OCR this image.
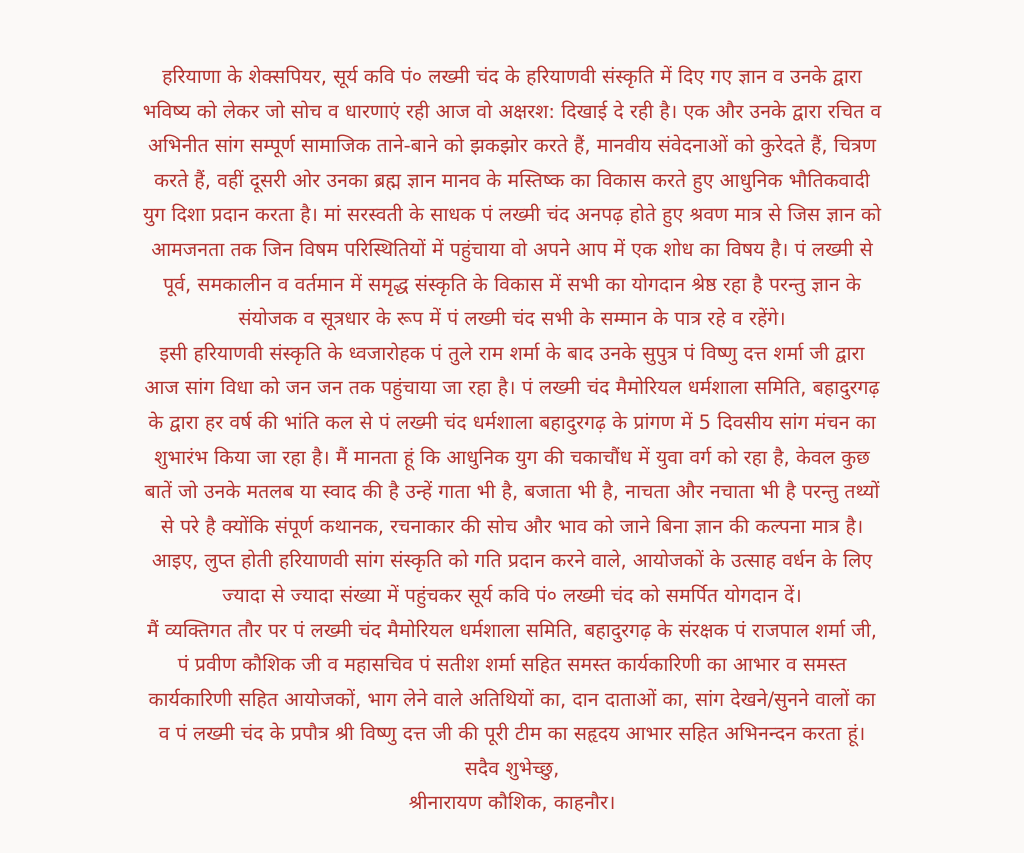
हरियाणा के शेक्सपियर, सूर्य कवि पं० लख्मी चंद के हरियाणवी संस्कृति में दिए गए ज्ञान व उनके द्वारा
भविष्य को लेकर जो सोच व धारणाएं रही आज वो अक्षरश: दिखाई दे रही है। एक और उनके द्वारा रचित व
अभिनीत सांग सम्पूर्ण सामाजिक ताने-बाने को झकझोर करते हैं, मानवीय संवेदनाओं को कुरेदते हैं, चित्रण
करते हैं, वहीं दूसरी ओर उनका ब्रह्म ज्ञान मानव के मस्तिष्क का विकास करते हुए आधुनिक भौतिकवादी
युग दिशा प्रदान करता है। मां सरस्वती के साधक पं लख्मी चंद अनपढ़ होते हुए श्रवण मात्र से जिस ज्ञान को
आमजनता तक जिन विषम परिस्थितियों में पहुंचाया वो अपने आप में एक शोध का विषय है। पं लख्मी से
पूर्व, समकालीन व वर्तमान में समृद्ध संस्कृति के विकास में सभी का योगदान श्रेष्ठ रहा है परन्तु ज्ञान के
संयोजक व सूत्रधार के रूप में पं लख्मी चंद सभी के सम्मान के पात्र रहे व रहेंगे।
इसी हरियाणवी संस्कृति के ध्वजारोहक पं तुले राम शर्मा के बाद उनके सुपुत्र पं विष्णु दत्त शर्मा जी द्वारा
आज सांग विधा को जन जन तक पहुंचाया जा रहा है। पं लख्मी चंद मैमोरियल धर्मशाला समिति, बहादुरगढ़
के द्वारा हर वर्ष की भांति कल से पं लख्मी चंद धर्मशाला बहादुरगढ़ के प्रांगण में 5 दिवसीय सांग मंचन का
शुभारंभ किया जा रहा है। मैं मानता हूं कि आधुनिक युग की चकाचौंध में युवा वर्ग को रहा है, केवल कुछ
बातें जो उनके मतलब या स्वाद की है उन्हें गाता भी है, बजाता भी है, नाचता और नचाता भी है परन्तु तथ्यों
से परे है क्योंकि संपूर्ण कथानक, रचनाकार की सोच और भाव को जाने बिना ज्ञान की कल्पना मात्र है।
आइए, लुप्त होती हरियाणवी सांग संस्कृति को गति प्रदान करने वाले, आयोजकों के उत्साह वर्धन के लिए
ज्यादा से ज्यादा संख्या में पहुंचकर सूर्य कवि पं० लख्मी चंद को समर्पित योगदान दें।
मैं व्यक्तिगत तौर पर पं लख्मी चंद मैमोरियल धर्मशाला समिति, बहादुरगढ़ के संरक्षक पं राजपाल शर्मा जी,
पं प्रवीण कौशिक जी व महासचिव पं सतीश शर्मा सहित समस्त कार्यकारिणी का आभार व समस्त
कार्यकारिणी सहित आयोजकों, भाग लेने वाले अतिथियों का, दान दाताओं का, सांग देखने/सुनने वालों का
व पं लख्मी चंद के प्रपौत्र श्री विष्णु दत्त जी की पूरी टीम का सहृदय आभार सहित अभिनन्दन करता हूं।
सदैव शुभेच्छु,
श्रीनारायण कौशिक, काहनौर।
